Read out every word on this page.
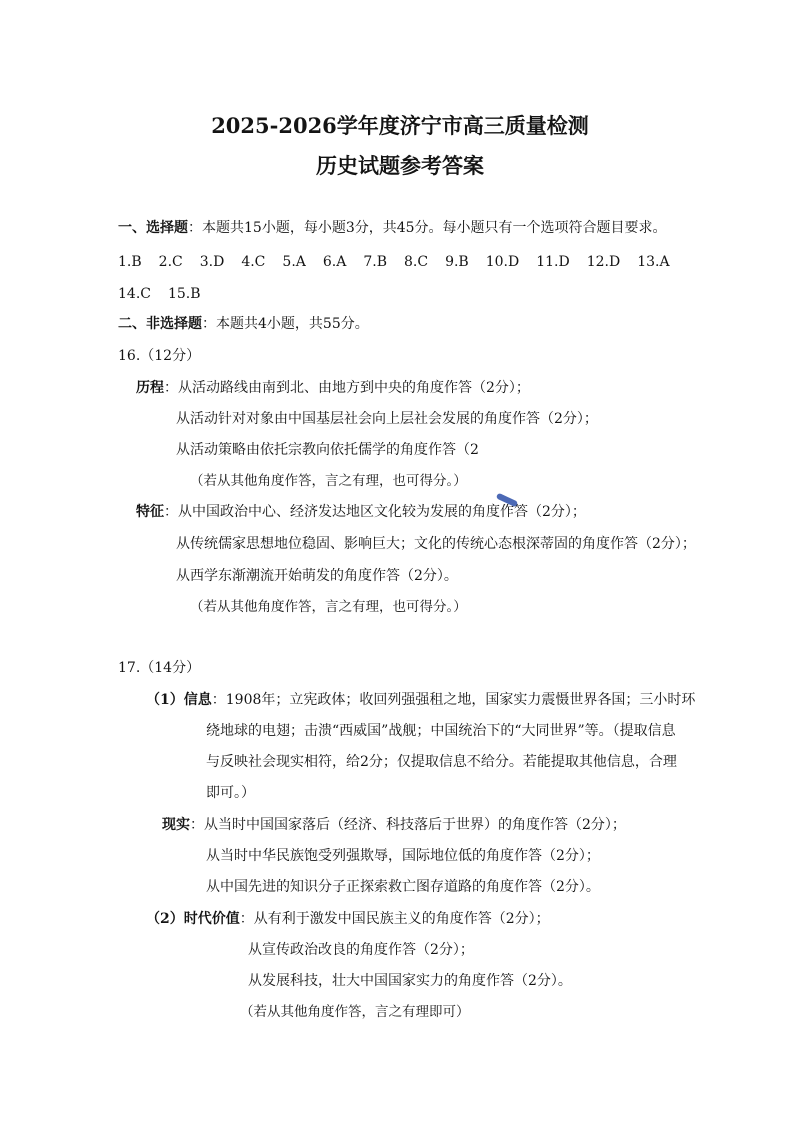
2025-2026学年度济宁市高三质量检测
历史试题参考答案
一、选择题：本题共15小题，每小题3分，共45分。每小题只有一个选项符合题目要求。
1.B 2.C 3.D 4.C 5.A 6.A 7.B 8.C 9.B 10.D 11.D 12.D 13.A
14.C 15.B
二、非选择题：本题共4小题，共55分。
16.（12分）
历程：从活动路线由南到北、由地方到中央的角度作答（2分）；
从活动针对对象由中国基层社会向上层社会发展的角度作答（2分）；
从活动策略由依托宗教向依托儒学的角度作答（2
（若从其他角度作答，言之有理，也可得分。）
特征：从中国政治中心、经济发达地区文化较为发展的角度作答（2分）；
从传统儒家思想地位稳固、影响巨大；文化的传统心态根深蒂固的角度作答（2分）；
从西学东渐潮流开始萌发的角度作答（2分）。
（若从其他角度作答，言之有理，也可得分。）
17.（14分）
（1）信息：1908年；立宪政体；收回列强强租之地，国家实力震慑世界各国；三小时环
绕地球的电翅；击溃“西威国”战舰；中国统治下的“大同世界”等。（提取信息
与反映社会现实相符，给2分；仅提取信息不给分。若能提取其他信息，合理
即可。）
现实：从当时中国国家落后（经济、科技落后于世界）的角度作答（2分）；
从当时中华民族饱受列强欺辱，国际地位低的角度作答（2分）；
从中国先进的知识分子正探索救亡图存道路的角度作答（2分）。
（2）时代价值：从有利于激发中国民族主义的角度作答（2分）；
从宣传政治改良的角度作答（2分）；
从发展科技，壮大中国国家实力的角度作答（2分）。
（若从其他角度作答，言之有理即可）
